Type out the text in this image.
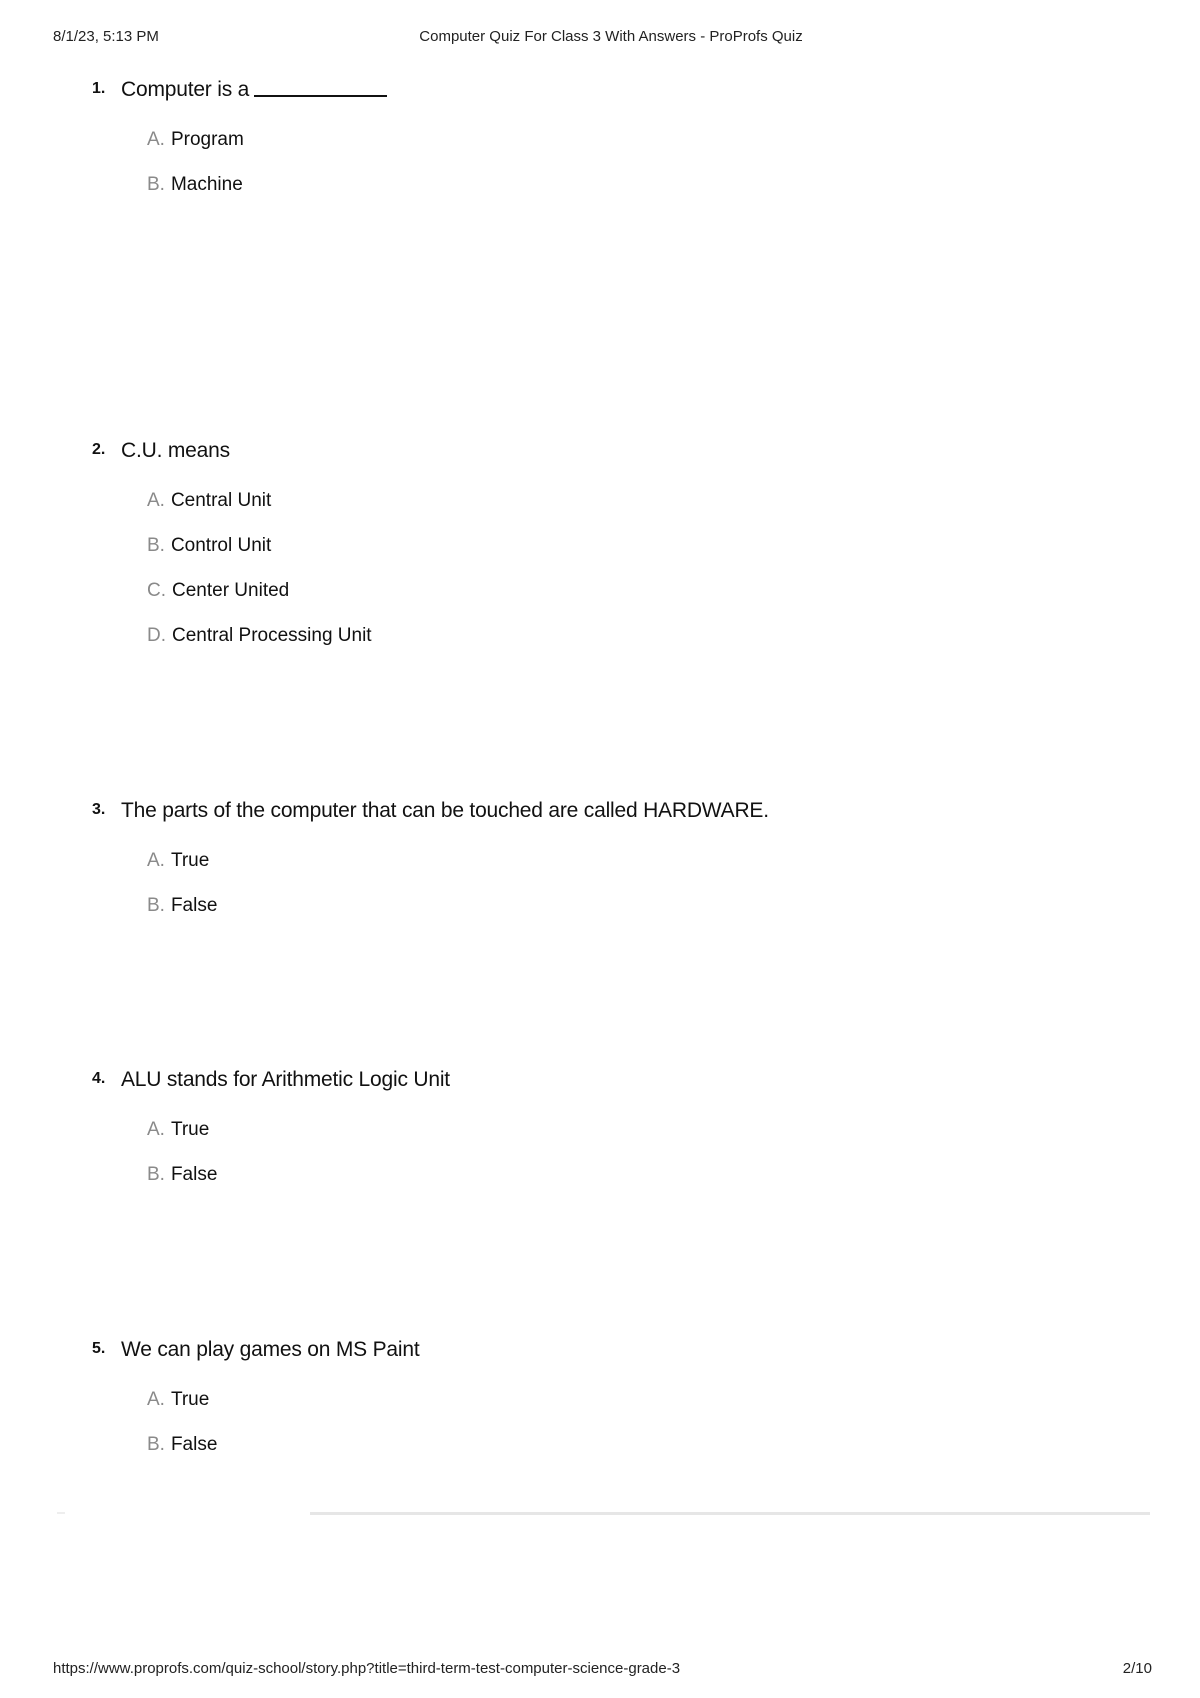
8/1/23, 5:13 PM	Computer Quiz For Class 3 With Answers - ProProfs Quiz
1. Computer is a
A. Program
B. Machine
2. C.U. means
A. Central Unit
B. Control Unit
C. Center United
D. Central Processing Unit
3. The parts of the computer that can be touched are called HARDWARE.
A. True
B. False
4. ALU stands for Arithmetic Logic Unit
A. True
B. False
5. We can play games on MS Paint
A. True
B. False
https://www.proprofs.com/quiz-school/story.php?title=third-term-test-computer-science-grade-3	2/10
